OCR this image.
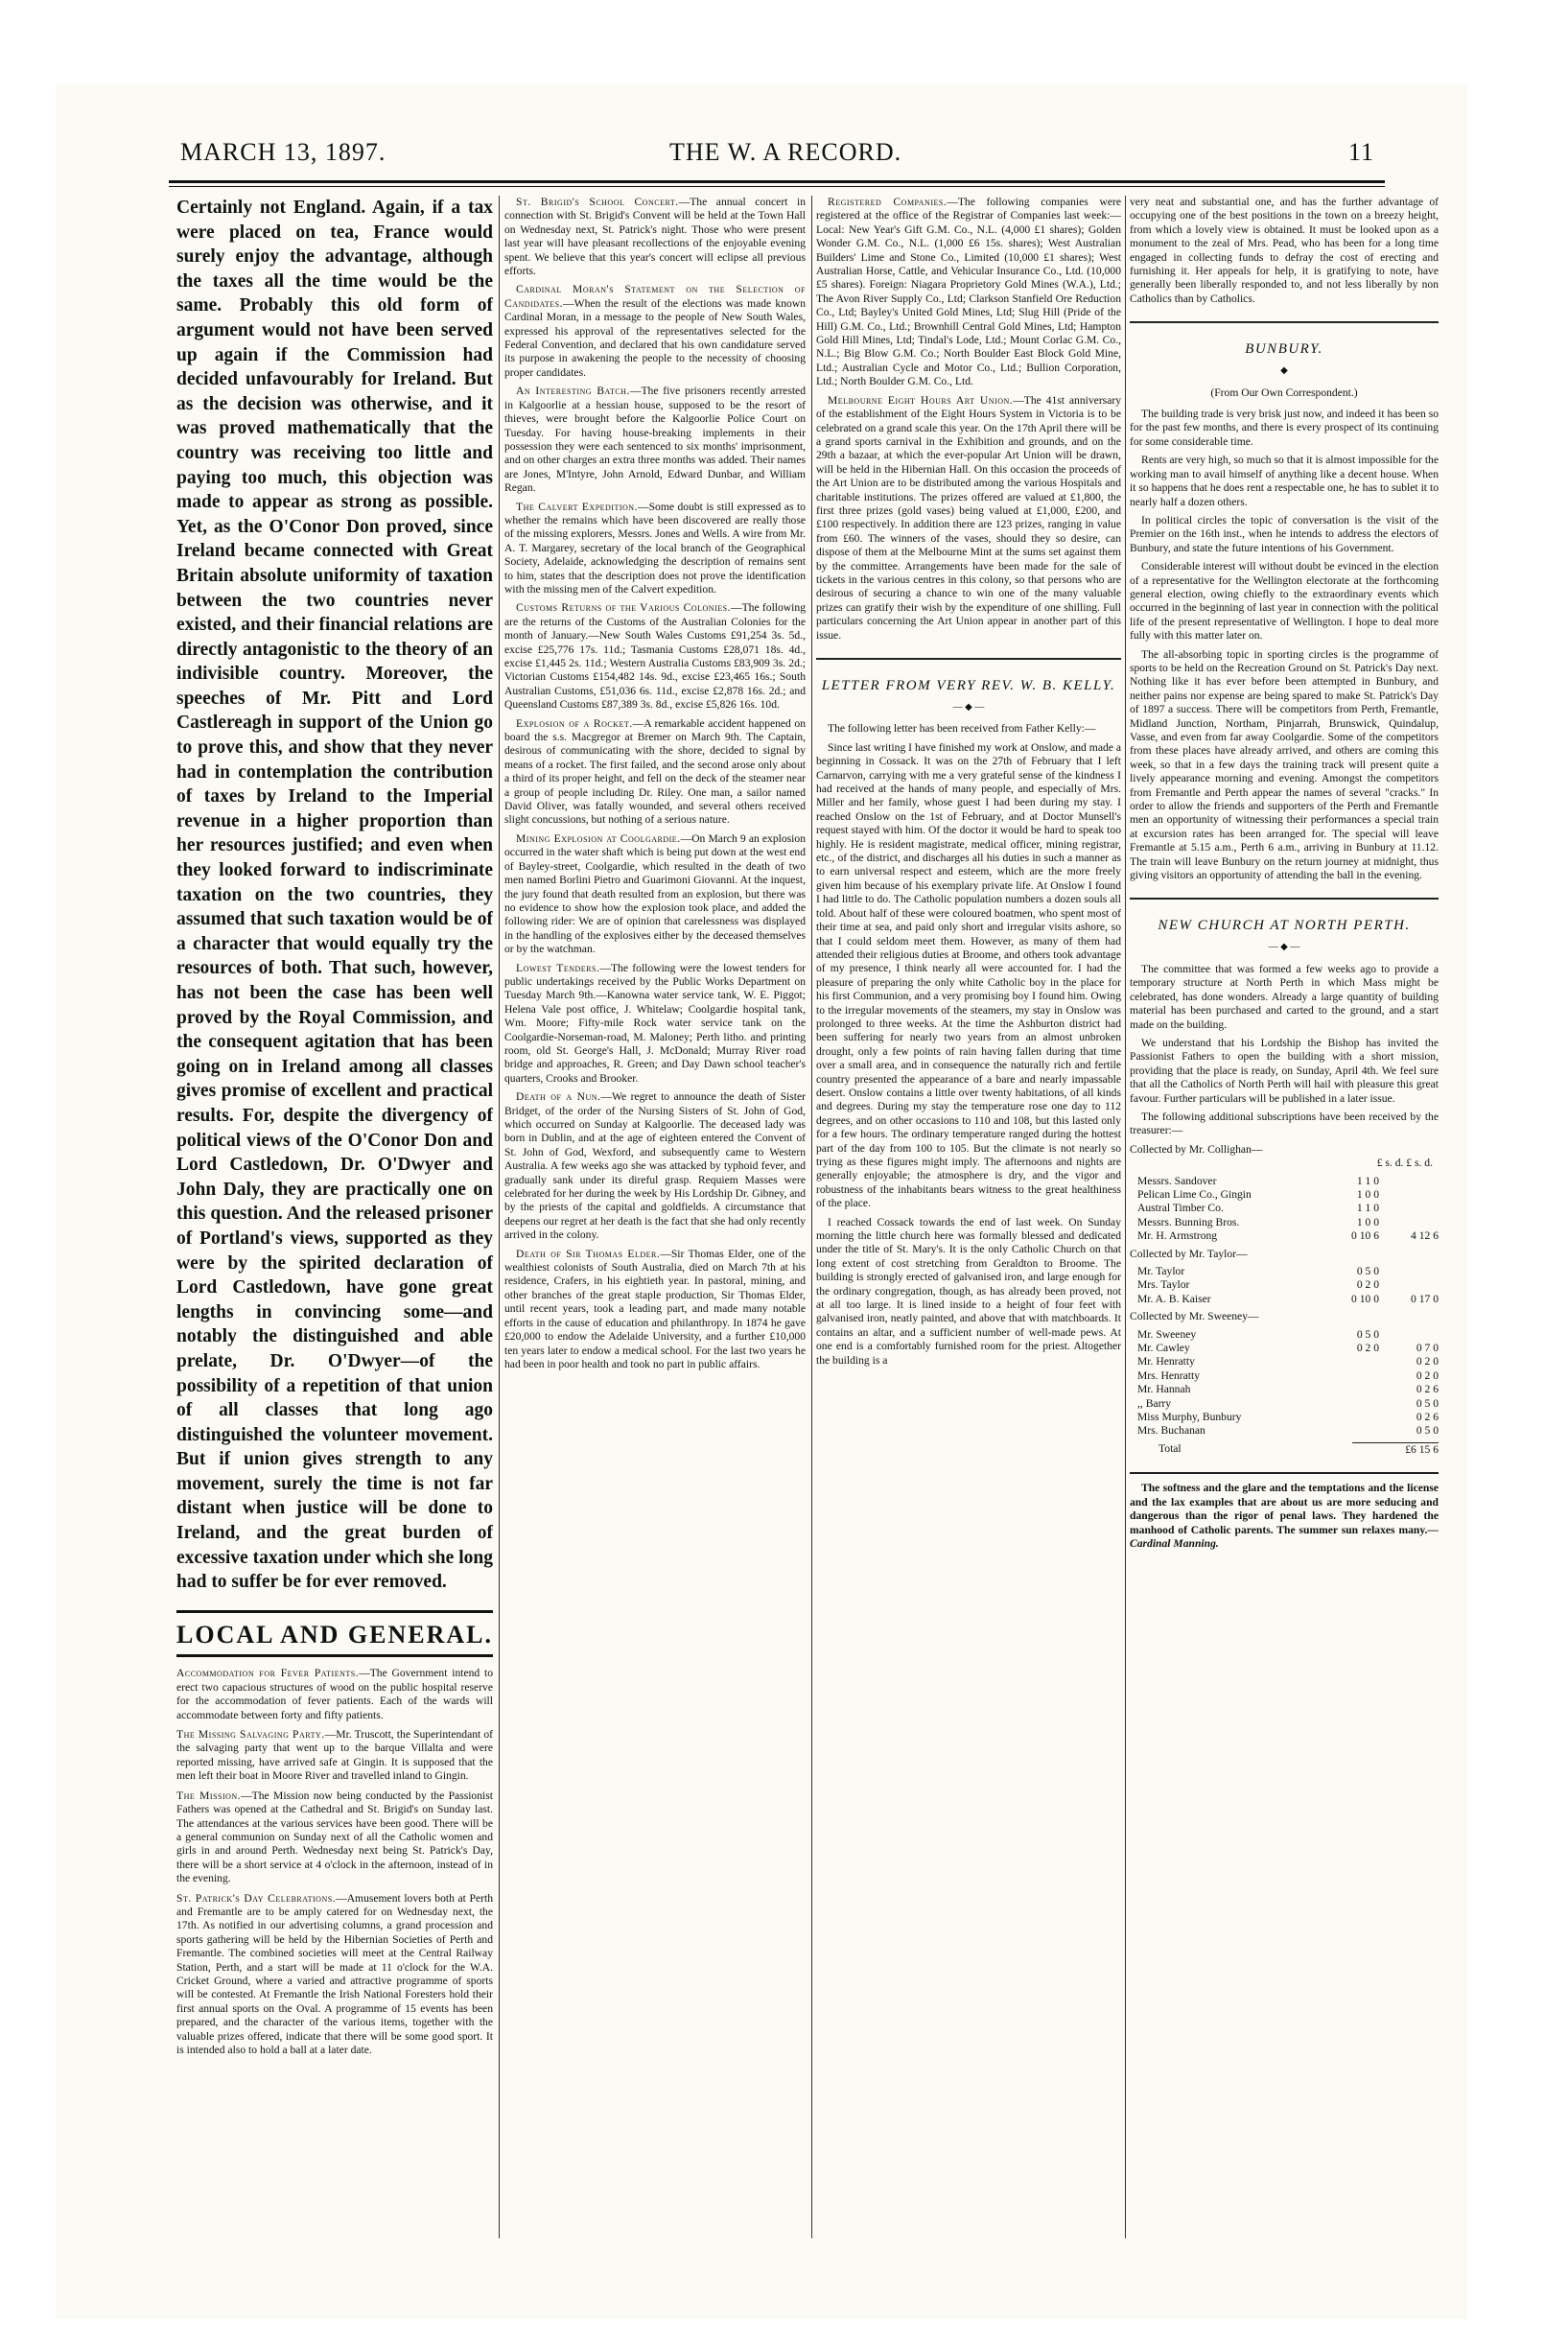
MARCH 13, 1897.	THE W. A RECORD.	11

Certainly not England. Again, if a tax were placed on tea, France would surely enjoy the advantage, although the taxes all the time would be the same. Probably this old form of argument would not have been served up again if the Commission had decided unfavourably for Ireland. But as the decision was otherwise, and it was proved mathematically that the country was receiving too little and paying too much, this objection was made to appear as strong as possible. Yet, as the O'Conor Don proved, since Ireland became connected with Great Britain absolute uniformity of taxation between the two countries never existed, and their financial relations are directly antagonistic to the theory of an indivisible country. Moreover, the speeches of Mr. Pitt and Lord Castlereagh in support of the Union go to prove this, and show that they never had in contemplation the contribution of taxes by Ireland to the Imperial revenue in a higher proportion than her resources justified; and even when they looked forward to indiscriminate taxation on the two countries, they assumed that such taxation would be of a character that would equally try the resources of both. That such, however, has not been the case has been well proved by the Royal Commission, and the consequent agitation that has been going on in Ireland among all classes gives promise of excellent and practical results. For, despite the divergency of political views of the O'Conor Don and Lord Castledown, Dr. O'Dwyer and John Daly, they are practically one on this question. And the released prisoner of Portland's views, supported as they were by the spirited declaration of Lord Castledown, have gone great lengths in convincing some—and notably the distinguished and able prelate, Dr. O'Dwyer—of the possibility of a repetition of that union of all classes that long ago distinguished the volunteer movement. But if union gives strength to any movement, surely the time is not far distant when justice will be done to Ireland, and the great burden of excessive taxation under which she long had to suffer be for ever removed.

LOCAL AND GENERAL.

Accommodation for Fever Patients.—The Government intend to erect two capacious structures of wood on the public hospital reserve for the accommodation of fever patients. Each of the wards will accommodate between forty and fifty patients.

The Missing Salvaging Party.—Mr. Truscott, the Superintendant of the salvaging party that went up to the barque Villalta and were reported missing, have arrived safe at Gingin. It is supposed that the men left their boat in Moore River and travelled inland to Gingin.

The Mission.—The Mission now being conducted by the Passionist Fathers was opened at the Cathedral and St. Brigid's on Sunday last. The attendances at the various services have been good. There will be a general communion on Sunday next of all the Catholic women and girls in and around Perth. Wednesday next being St. Patrick's Day, there will be a short service at 4 o'clock in the afternoon, instead of in the evening.

St. Patrick's Day Celebrations.—Amusement lovers both at Perth and Fremantle are to be amply catered for on Wednesday next, the 17th. As notified in our advertising columns, a grand procession and sports gathering will be held by the Hibernian Societies of Perth and Fremantle. The combined societies will meet at the Central Railway Station, Perth, and a start will be made at 11 o'clock for the W.A. Cricket Ground, where a varied and attractive programme of sports will be contested. At Fremantle the Irish National Foresters hold their first annual sports on the Oval. A programme of 15 events has been prepared, and the character of the various items, together with the valuable prizes offered, indicate that there will be some good sport. It is intended also to hold a ball at a later date.

St. Brigid's School Concert.—The annual concert in connection with St. Brigid's Convent will be held at the Town Hall on Wednesday next, St. Patrick's night. Those who were present last year will have pleasant recollections of the enjoyable evening spent. We believe that this year's concert will eclipse all previous efforts.

Cardinal Moran's Statement on the Selection of Candidates.—When the result of the elections was made known Cardinal Moran, in a message to the people of New South Wales, expressed his approval of the representatives selected for the Federal Convention, and declared that his own candidature served its purpose in awakening the people to the necessity of choosing proper candidates.

An Interesting Batch.—The five prisoners recently arrested in Kalgoorlie at a hessian house, supposed to be the resort of thieves, were brought before the Kalgoorlie Police Court on Tuesday. For having house-breaking implements in their possession they were each sentenced to six months' imprisonment, and on other charges an extra three months was added. Their names are Jones, M'Intyre, John Arnold, Edward Dunbar, and William Regan.

The Calvert Expedition.—Some doubt is still expressed as to whether the remains which have been discovered are really those of the missing explorers, Messrs. Jones and Wells. A wire from Mr. A. T. Margarey, secretary of the local branch of the Geographical Society, Adelaide, acknowledging the description of remains sent to him, states that the description does not prove the identification with the missing men of the Calvert expedition.

Customs Returns of the Various Colonies.—The following are the returns of the Customs of the Australian Colonies for the month of January.—New South Wales Customs £91,254 3s. 5d., excise £25,776 17s. 11d.; Tasmania Customs £28,071 18s. 4d., excise £1,445 2s. 11d.; Western Australia Customs £83,909 3s. 2d.; Victorian Customs £154,482 14s. 9d., excise £23,465 16s.; South Australian Customs, £51,036 6s. 11d., excise £2,878 16s. 2d.; and Queensland Customs £87,389 3s. 8d., excise £5,826 16s. 10d.

Explosion of a Rocket.—A remarkable accident happened on board the s.s. Macgregor at Bremer on March 9th. The Captain, desirous of communicating with the shore, decided to signal by means of a rocket. The first failed, and the second arose only about a third of its proper height, and fell on the deck of the steamer near a group of people including Dr. Riley. One man, a sailor named David Oliver, was fatally wounded, and several others received slight concussions, but nothing of a serious nature.

Mining Explosion at Coolgardie.—On March 9 an explosion occurred in the water shaft which is being put down at the west end of Bayley-street, Coolgardie, which resulted in the death of two men named Borlini Pietro and Guarimoni Giovanni. At the inquest, the jury found that death resulted from an explosion, but there was no evidence to show how the explosion took place, and added the following rider: We are of opinion that carelessness was displayed in the handling of the explosives either by the deceased themselves or by the watchman.

Lowest Tenders.—The following were the lowest tenders for public undertakings received by the Public Works Department on Tuesday March 9th.—Kanowna water service tank, W. E. Piggot; Helena Vale post office, J. Whitelaw; Coolgardie hospital tank, Wm. Moore; Fifty-mile Rock water service tank on the Coolgardie-Norseman-road, M. Maloney; Perth litho. and printing room, old St. George's Hall, J. McDonald; Murray River road bridge and approaches, R. Green; and Day Dawn school teacher's quarters, Crooks and Brooker.

Death of a Nun.—We regret to announce the death of Sister Bridget, of the order of the Nursing Sisters of St. John of God, which occurred on Sunday at Kalgoorlie. The deceased lady was born in Dublin, and at the age of eighteen entered the Convent of St. John of God, Wexford, and subsequently came to Western Australia. A few weeks ago she was attacked by typhoid fever, and gradually sank under its direful grasp. Requiem Masses were celebrated for her during the week by His Lordship Dr. Gibney, and by the priests of the capital and goldfields. A circumstance that deepens our regret at her death is the fact that she had only recently arrived in the colony.

Death of Sir Thomas Elder.—Sir Thomas Elder, one of the wealthiest colonists of South Australia, died on March 7th at his residence, Crafers, in his eightieth year. In pastoral, mining, and other branches of the great staple production, Sir Thomas Elder, until recent years, took a leading part, and made many notable efforts in the cause of education and philanthropy. In 1874 he gave £20,000 to endow the Adelaide University, and a further £10,000 ten years later to endow a medical school. For the last two years he had been in poor health and took no part in public affairs.

Registered Companies.—The following companies were registered at the office of the Registrar of Companies last week:—Local: New Year's Gift G.M. Co., N.L. (4,000 £1 shares); Golden Wonder G.M. Co., N.L. (1,000 £6 15s. shares); West Australian Builders' Lime and Stone Co., Limited (10,000 £1 shares); West Australian Horse, Cattle, and Vehicular Insurance Co., Ltd. (10,000 £5 shares). Foreign: Niagara Proprietory Gold Mines (W.A.), Ltd.; The Avon River Supply Co., Ltd; Clarkson Stanfield Ore Reduction Co., Ltd; Bayley's United Gold Mines, Ltd; Slug Hill (Pride of the Hill) G.M. Co., Ltd.; Brownhill Central Gold Mines, Ltd; Hampton Gold Hill Mines, Ltd; Tindal's Lode, Ltd.; Mount Corlac G.M. Co., N.L.; Big Blow G.M. Co.; North Boulder East Block Gold Mine, Ltd.; Australian Cycle and Motor Co., Ltd.; Bullion Corporation, Ltd.; North Boulder G.M. Co., Ltd.

Melbourne Eight Hours Art Union.—The 41st anniversary of the establishment of the Eight Hours System in Victoria is to be celebrated on a grand scale this year. On the 17th April there will be a grand sports carnival in the Exhibition and grounds, and on the 29th a bazaar, at which the ever-popular Art Union will be drawn, will be held in the Hibernian Hall. On this occasion the proceeds of the Art Union are to be distributed among the various Hospitals and charitable institutions. The prizes offered are valued at £1,800, the first three prizes (gold vases) being valued at £1,000, £200, and £100 respectively. In addition there are 123 prizes, ranging in value from £60. The winners of the vases, should they so desire, can dispose of them at the Melbourne Mint at the sums set against them by the committee. Arrangements have been made for the sale of tickets in the various centres in this colony, so that persons who are desirous of securing a chance to win one of the many valuable prizes can gratify their wish by the expenditure of one shilling. Full particulars concerning the Art Union appear in another part of this issue.

LETTER FROM VERY REV. W. B. KELLY.
— ◆ —

The following letter has been received from Father Kelly:—

Since last writing I have finished my work at Onslow, and made a beginning in Cossack. It was on the 27th of February that I left Carnarvon, carrying with me a very grateful sense of the kindness I had received at the hands of many people, and especially of Mrs. Miller and her family, whose guest I had been during my stay. I reached Onslow on the 1st of February, and at Doctor Munsell's request stayed with him. Of the doctor it would be hard to speak too highly. He is resident magistrate, medical officer, mining registrar, etc., of the district, and discharges all his duties in such a manner as to earn universal respect and esteem, which are the more freely given him because of his exemplary private life. At Onslow I found I had little to do. The Catholic population numbers a dozen souls all told. About half of these were coloured boatmen, who spent most of their time at sea, and paid only short and irregular visits ashore, so that I could seldom meet them. However, as many of them had attended their religious duties at Broome, and others took advantage of my presence, I think nearly all were accounted for. I had the pleasure of preparing the only white Catholic boy in the place for his first Communion, and a very promising boy I found him. Owing to the irregular movements of the steamers, my stay in Onslow was prolonged to three weeks. At the time the Ashburton district had been suffering for nearly two years from an almost unbroken drought, only a few points of rain having fallen during that time over a small area, and in consequence the naturally rich and fertile country presented the appearance of a bare and nearly impassable desert. Onslow contains a little over twenty habitations, of all kinds and degrees. During my stay the temperature rose one day to 112 degrees, and on other occasions to 110 and 108, but this lasted only for a few hours. The ordinary temperature ranged during the hottest part of the day from 100 to 105. But the climate is not nearly so trying as these figures might imply. The afternoons and nights are generally enjoyable; the atmosphere is dry, and the vigor and robustness of the inhabitants bears witness to the great healthiness of the place.

I reached Cossack towards the end of last week. On Sunday morning the little church here was formally blessed and dedicated under the title of St. Mary's. It is the only Catholic Church on that long extent of cost stretching from Geraldton to Broome. The building is strongly erected of galvanised iron, and large enough for the ordinary congregation, though, as has already been proved, not at all too large. It is lined inside to a height of four feet with galvanised iron, neatly painted, and above that with matchboards. It contains an altar, and a sufficient number of well-made pews. At one end is a comfortably furnished room for the priest. Altogether the building is a

very neat and substantial one, and has the further advantage of occupying one of the best positions in the town on a breezy height, from which a lovely view is obtained. It must be looked upon as a monument to the zeal of Mrs. Pead, who has been for a long time engaged in collecting funds to defray the cost of erecting and furnishing it. Her appeals for help, it is gratifying to note, have generally been liberally responded to, and not less liberally by non Catholics than by Catholics.

BUNBURY.
◆
(From Our Own Correspondent.)

The building trade is very brisk just now, and indeed it has been so for the past few months, and there is every prospect of its continuing for some considerable time.

Rents are very high, so much so that it is almost impossible for the working man to avail himself of anything like a decent house. When it so happens that he does rent a respectable one, he has to sublet it to nearly half a dozen others.

In political circles the topic of conversation is the visit of the Premier on the 16th inst., when he intends to address the electors of Bunbury, and state the future intentions of his Government.

Considerable interest will without doubt be evinced in the election of a representative for the Wellington electorate at the forthcoming general election, owing chiefly to the extraordinary events which occurred in the beginning of last year in connection with the political life of the present representative of Wellington. I hope to deal more fully with this matter later on.

The all-absorbing topic in sporting circles is the programme of sports to be held on the Recreation Ground on St. Patrick's Day next. Nothing like it has ever before been attempted in Bunbury, and neither pains nor expense are being spared to make St. Patrick's Day of 1897 a success. There will be competitors from Perth, Fremantle, Midland Junction, Northam, Pinjarrah, Brunswick, Quindalup, Vasse, and even from far away Coolgardie. Some of the competitors from these places have already arrived, and others are coming this week, so that in a few days the training track will present quite a lively appearance morning and evening. Amongst the competitors from Fremantle and Perth appear the names of several "cracks." In order to allow the friends and supporters of the Perth and Fremantle men an opportunity of witnessing their performances a special train at excursion rates has been arranged for. The special will leave Fremantle at 5.15 a.m., Perth 6 a.m., arriving in Bunbury at 11.12. The train will leave Bunbury on the return journey at midnight, thus giving visitors an opportunity of attending the ball in the evening.

NEW CHURCH AT NORTH PERTH.
— ◆ —

The committee that was formed a few weeks ago to provide a temporary structure at North Perth in which Mass might be celebrated, has done wonders. Already a large quantity of building material has been purchased and carted to the ground, and a start made on the building.

We understand that his Lordship the Bishop has invited the Passionist Fathers to open the building with a short mission, providing that the place is ready, on Sunday, April 4th. We feel sure that all the Catholics of North Perth will hail with pleasure this great favour. Further particulars will be published in a later issue.

The following additional subscriptions have been received by the treasurer:—

Collected by Mr. Collighan—
£ s. d. £ s. d.
Messrs. Sandover	1 1 0	
Pelican Lime Co., Gingin	1 0 0	
Austral Timber Co.	1 1 0	
Messrs. Bunning Bros.	1 0 0	
Mr. H. Armstrong	0 10 6	4 12 6
Collected by Mr. Taylor—
Mr. Taylor	0 5 0	
Mrs. Taylor	0 2 0	
Mr. A. B. Kaiser	0 10 0	0 17 0
Collected by Mr. Sweeney—
Mr. Sweeney	0 5 0	
Mr. Cawley	0 2 0	0 7 0
Mr. Henratty		0 2 0
Mrs. Henratty		0 2 0
Mr. Hannah		0 2 6
,, Barry		0 5 0
Miss Murphy, Bunbury		0 2 6
Mrs. Buchanan		0 5 0
Total	£6 15 6

The softness and the glare and the temptations and the license and the lax examples that are about us are more seducing and dangerous than the rigor of penal laws. They hardened the manhood of Catholic parents. The summer sun relaxes many.—Cardinal Manning.
